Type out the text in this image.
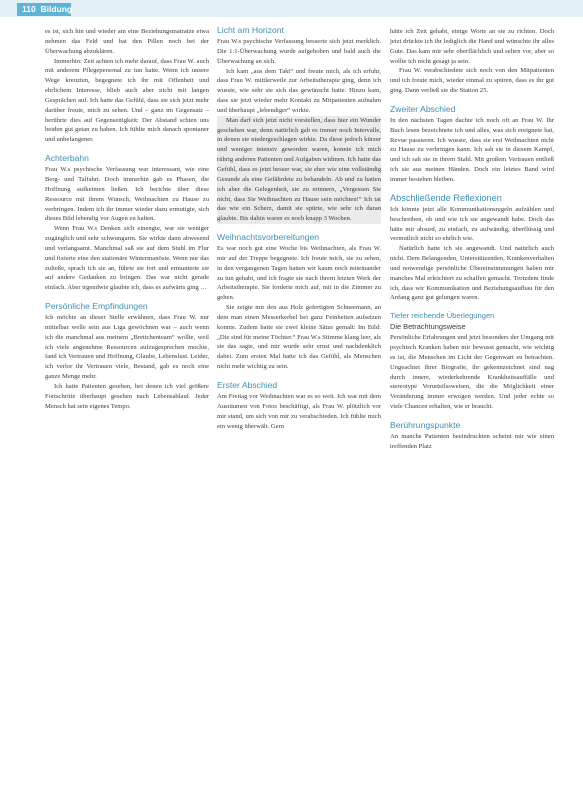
110 Bildung

es ist, sich hin und wieder am eine Beziehungsmatratze etwa nehmen das Feld und bat den Pillen noch bei der Überwachung abzuklären.

Immerhin: Zeit achten ich mehr darauf, dass Frau W. auch mit anderem Pflegepersonal zu tun hatte. Wenn ich unsere Wege kreuzten, begegnete ich ihr mit Offenheit und ehrlichem Interesse, blieb auch aber nicht mit langen Gesprächen auf. Ich hatte das Gefühl, dass sie sich jetzt mehr darüber freute, mich zu sehen. Und – ganz im Gegensatz – berührte dies auf Gegenseitigkeit: Der Abstand schien uns beiden gut getan zu haben. Ich fühlte mich danach spontaner und unbefangener.

Achterbahn

Frau W.s psychische Verfassung war interessant, wie eine Berg- und Talfahrt. Doch immerhin gab es Phasen, die Hoffnung aufkeimen ließen. Ich berichte über diese Ressource mit ihrem Wunsch, Weihnachten zu Hause zu verbringen. Indem ich ihr immer wieder dazu ermutigte, sich dieses Bild lebendig vor Augen zu halten.

Wenn Frau W.s Denken sich einengte, war sie weniger zugänglich und sehr schwungarm. Sie wirkte dann abwesend und verlangsamt. Manchmal saß sie auf dem Stuhl im Flur und fixierte eine den stationäre Wintermanösie. Wenn nur das zuließe, sprach ich sie an, führte sie fort und ermunterte sie auf andere Gedanken zu bringen. Das war nicht gerade einfach. Aber irgendwie glaubte ich, dass es aufwärts ging …

Persönliche Empfindungen

Ich möchte an dieser Stelle erwähnen, dass Frau W. nur mittelbar welle sein aus Liga gewöchnen war – auch wenn ich die manchmal aus meinem „Brettchenteam“ wollte, weil ich viele angenehme Ressourcen aufzugesprechen mochte, fand ich Vertrauen und Hoffnung, Glaube, Lebenslust. Leider, ich verlor ihr Vertrauen viele, Bestand, gab es noch eine ganze Menge mehr.

Ich hatte Patienten gesehen, bei denen ich viel größere Fortschritte überhaupt gesehen nach Lebensablauf. Jeder Mensch hat sein eigenes Tempo.

Licht am Horizont

Frau W.s psychische Verfassung besserte sich jetzt merklich. Die 1:1-Überwachung wurde aufgehoben und bald auch die Überwachung an sich.

Ich kam „aus dem Takt“ und freute mich, als ich erfuhr, dass Frau W. mittlerweile zur Arbeitstherapie ging, denn ich wusste, wie sehr sie sich das gewünscht hatte. Hinzu kam, dass sie jetzt wieder mehr Kontakt zu Mitpatienten aufnahm und überhaupt „lebendiger“ wirkte.

Man darf sich jetzt nicht vorstellen, dass hier ein Wunder geschehen war, denn natürlich gab es immer noch Intervalle, in denen sie niedergeschlagen wirkte. Da diese jedoch kürzer und weniger intensiv geworden waren, konnte ich mich rührig anderen Patienten und Aufgaben widmen. Ich hatte das Gefühl, dass es jetzt besser war, sie eher wie eine vollständig Gesunde als eine Gefährdete zu behandeln. Ab und zu hatten ich aber die Gelegenheit, sie zu erinnern, „Vergessen Sie nicht, dass Sie Weihnachten zu Hause sein möchten!“ Ich tat das wie ein Scherz, damit sie spürte, wie sehr ich daran glaubte. Bis dahin waren es noch knapp 3 Wochen.

Weihnachtsvorbereitungen

Es war noch gut eine Woche bis Weihnachten, als Frau W. mir auf der Treppe begegnete. Ich freute mich, sie zu sehen, in den vergangenen Tagen hatten wir kaum noch miteinander zu tun gehabt, und ich fragte sie nach ihrem letzten Werk der Arbeitstherapie. Sie forderte mich auf, mit in die Zimmer zu gehen.

Sie zeigte mir den aus Holz gefertigten Schneemann, an dem man einen Messerkerbel bei ganz Feinheiten aufsetzen konnte. Zudem hatte sie zwei kleine Sätze gemalt: Im Bild: „Die sind für meine Töchter.“ Frau W.s Stimme klang leer, als sie das sagte, und mir wurde sehr ernst und nachdenklich dabei. Zum ersten Mal hatte ich das Gefühl, als Menschen nicht mehr wichtig zu sein.

Erster Abschied

Am Freitag vor Weihnachten war es so weit. Ich war mit dem Ausräumen von Fotos beschäftigt, als Frau W. plötzlich vor mir stand, um sich von mir zu verabschieden. Ich fühlte mich ein wenig überwält. Gern

hätte ich Zeit gehabt, einige Worte an sie zu richten. Doch jetzt drückte ich ihr lediglich die Hand und wünschte ihr alles Gute. Das kam mir sehr oberflächlich und selten vor, aber so wollte ich nicht gesagt ja sein.

Frau W. verabschiedete sich noch von den Mitpatienten und ich freute mich, wieder einmal zu spüren, dass es ihr gut ging. Dann verließ sie die Station 25.

Zweiter Abschied

In den nächsten Tagen dachte ich noch oft an Frau W. Ihr Buch lesen bezeichnete ich und alles, was sich ereignete hat, Revue passieren. Ich wusste, dass sie erst Weihnachten nicht zu Hause zu verbringen kann. Ich sah sie in diesem Kampf, und ich sah sie in ihrem Stahl. Mit großem Vertrauen entließ ich sie aus meinen Händen. Doch ein letztes Band wird immer bestehen bleiben.

Abschließende Reflexionen

Ich könnte jetzt alle Kommunikationsregeln aufzählen und beschreiben, ob und wie ich sie angewandt habe. Doch das hätte mir absurd, zu einfach, zu aufwändig, überflüssig und vermutlich nicht so ehrlich wie.

Natürlich hatte ich sie angewandt. Und natürlich auch nicht. Dem Belangenden, Unterstützenden, Krankenverhalten und notwendige persönliche Übereinstimmungen haben mir manches Mal erleichtert zu schaffen gemacht. Trotzdem finde ich, dass wir Kommunikation und Beziehungsaufbau für den Anfang ganz gut gelungen waren.

Tiefer reichende Überlegungen
Die Betrachtungsweise

Persönliche Erfahrungen und jetzt besonders der Umgang mit psychisch Kranken haben mir bewusst gemacht, wie wichtig es ist, die Menschen im Licht der Gegenwart zu betrachten. Ungeachtet ihrer Biografie, ihr gekennzeichnet sind nag durch innere, wiederkehrende Krankheitsauffälle und stereotype Vorurteilssweisen, die die Möglichkeit einer Veränderung immer erwogen werden. Und jeder echte so viele Chancen erhalten, wie er braucht.

Berührungspunkte

An manche Patienten beeindruckten scheint mir wie einen treffenden Platz
